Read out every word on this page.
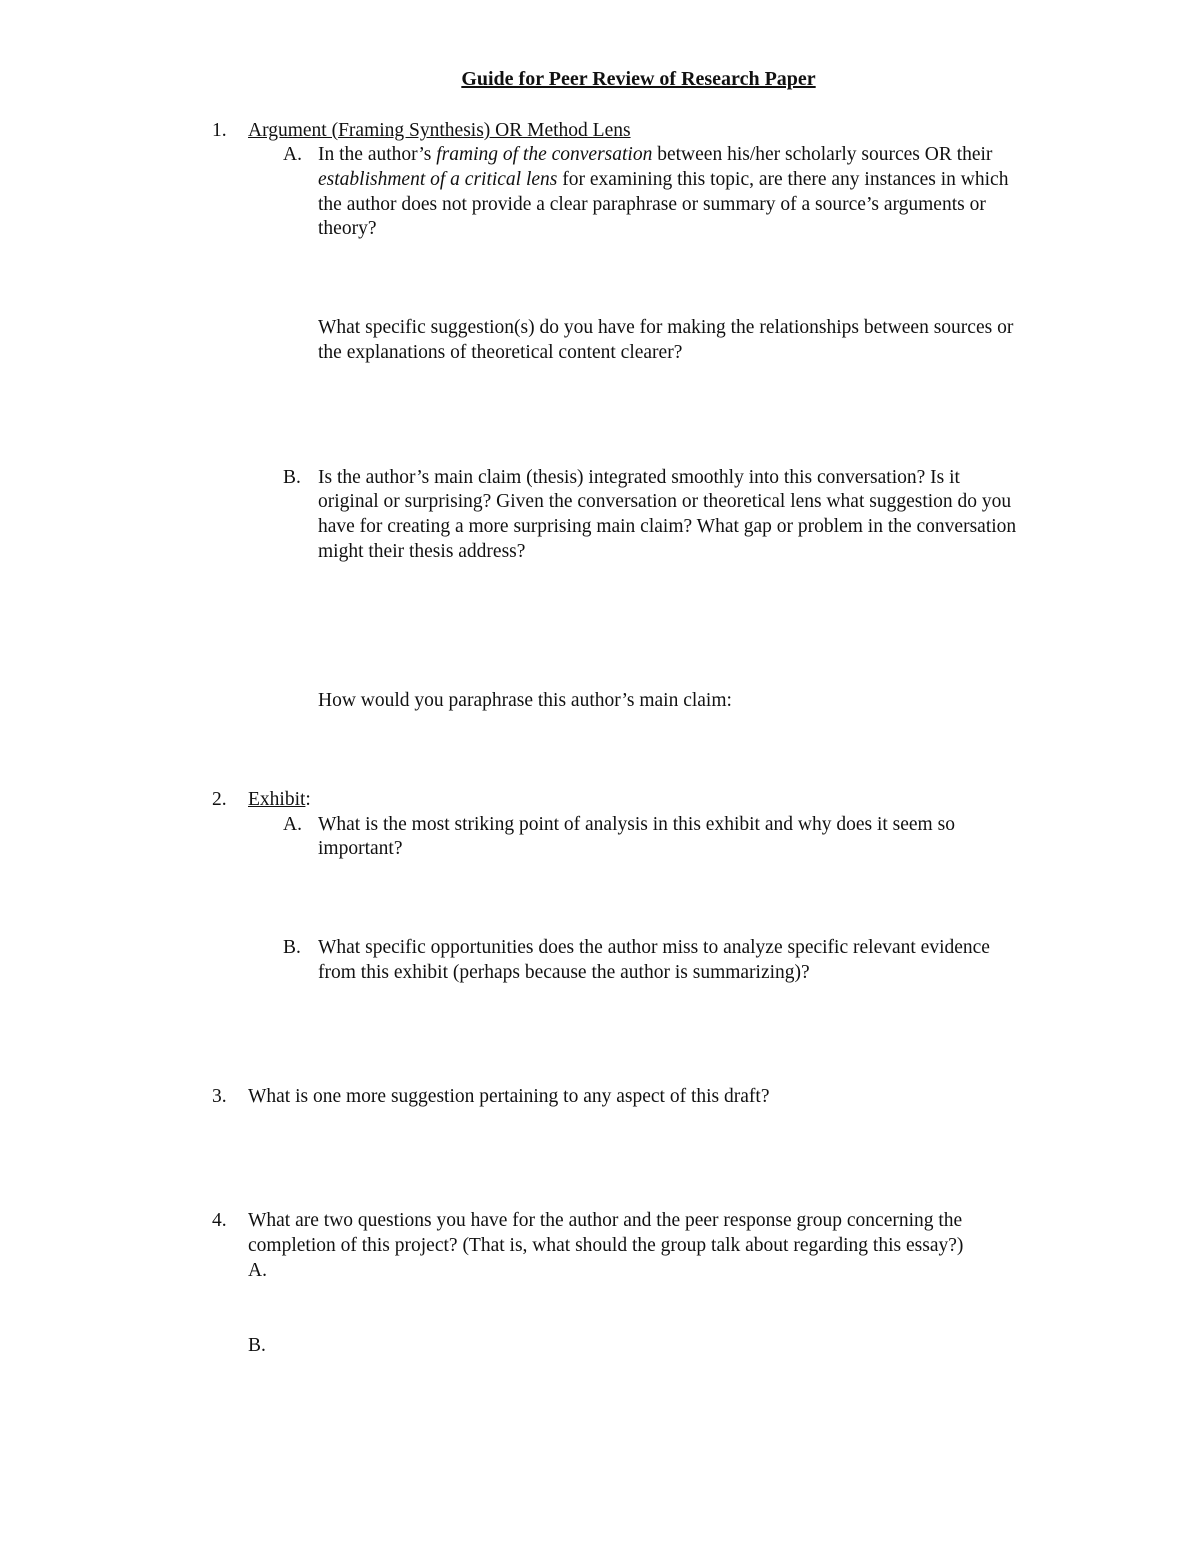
Guide for Peer Review of Research Paper
1. Argument (Framing Synthesis) OR Method Lens
A. In the author’s framing of the conversation between his/her scholarly sources OR their
establishment of a critical lens for examining this topic, are there any instances in which
the author does not provide a clear paraphrase or summary of a source’s arguments or
theory?
What specific suggestion(s) do you have for making the relationships between sources or
the explanations of theoretical content clearer?
B. Is the author’s main claim (thesis) integrated smoothly into this conversation? Is it
original or surprising? Given the conversation or theoretical lens what suggestion do you
have for creating a more surprising main claim? What gap or problem in the conversation
might their thesis address?
How would you paraphrase this author’s main claim:
2. Exhibit:
A. What is the most striking point of analysis in this exhibit and why does it seem so
important?
B. What specific opportunities does the author miss to analyze specific relevant evidence
from this exhibit (perhaps because the author is summarizing)?
3. What is one more suggestion pertaining to any aspect of this draft?
4. What are two questions you have for the author and the peer response group concerning the
completion of this project? (That is, what should the group talk about regarding this essay?)
A.
B.
